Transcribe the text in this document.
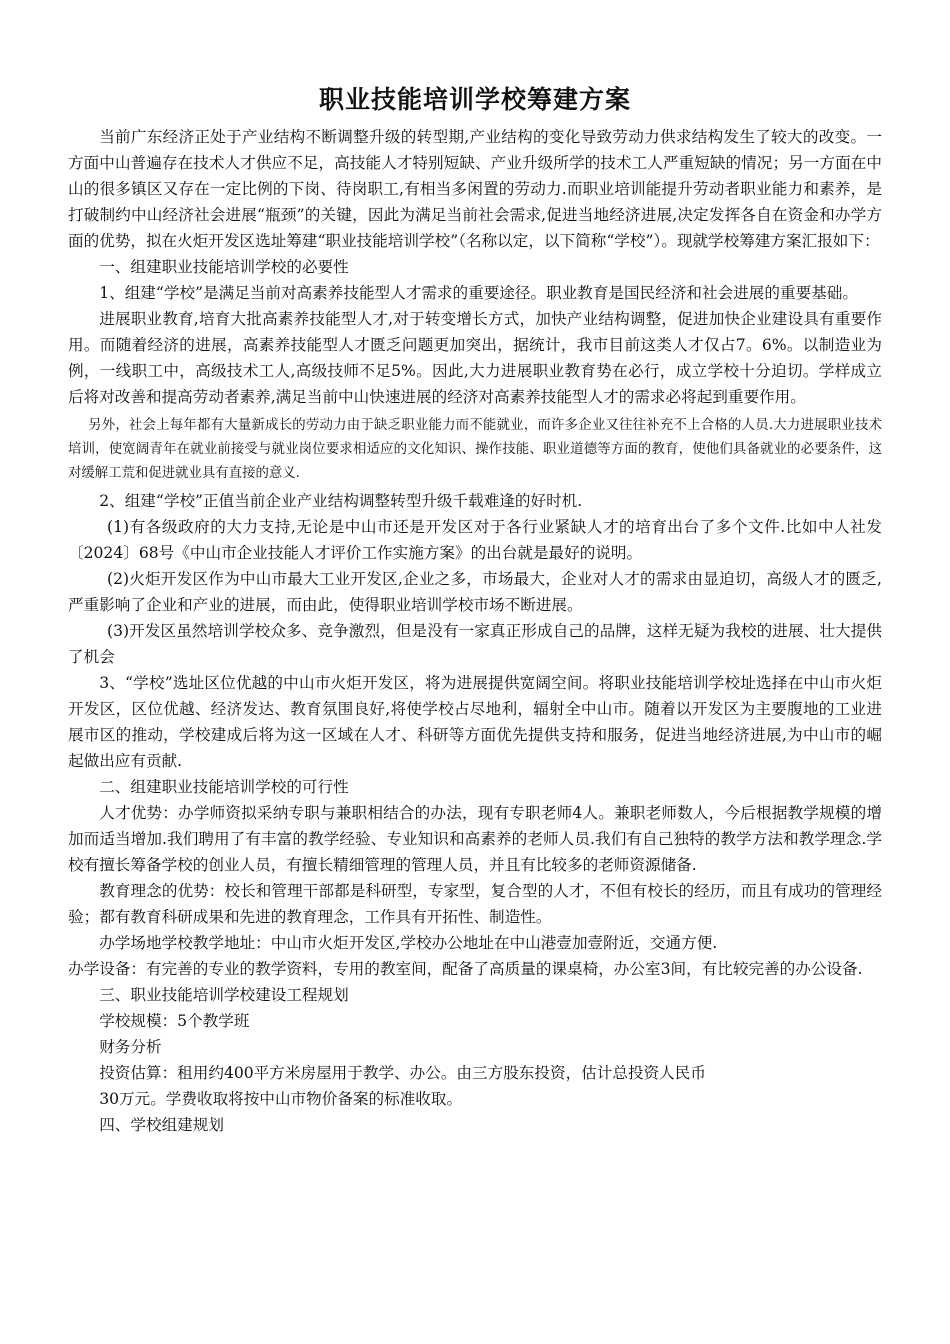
职业技能培训学校筹建方案

当前广东经济正处于产业结构不断调整升级的转型期,产业结构的变化导致劳动力供求结构发生了较大的改变。一方面中山普遍存在技术人才供应不足，高技能人才特别短缺、产业升级所学的技术工人严重短缺的情况；另一方面在中山的很多镇区又存在一定比例的下岗、待岗职工,有相当多闲置的劳动力.而职业培训能提升劳动者职业能力和素养，是打破制约中山经济社会进展“瓶颈”的关键，因此为满足当前社会需求,促进当地经济进展,决定发挥各自在资金和办学方面的优势，拟在火炬开发区选址筹建“职业技能培训学校”（名称以定，以下简称“学校”）。现就学校筹建方案汇报如下：

一、组建职业技能培训学校的必要性

1、组建“学校”是满足当前对高素养技能型人才需求的重要途径。职业教育是国民经济和社会进展的重要基础。

进展职业教育,培育大批高素养技能型人才,对于转变增长方式，加快产业结构调整，促进加快企业建设具有重要作用。而随着经济的进展，高素养技能型人才匮乏问题更加突出，据统计，我市目前这类人才仅占7。6%。以制造业为例，一线职工中，高级技术工人,高级技师不足5%。因此,大力进展职业教育势在必行，成立学校十分迫切。学样成立后将对改善和提高劳动者素养,满足当前中山快速进展的经济对高素养技能型人才的需求必将起到重要作用。

另外，社会上每年都有大量新成长的劳动力由于缺乏职业能力而不能就业，而许多企业又往往补充不上合格的人员.大力进展职业技术培训，使宽阔青年在就业前接受与就业岗位要求相适应的文化知识、操作技能、职业道德等方面的教育，使他们具备就业的必要条件，这对缓解工荒和促进就业具有直接的意义.

2、组建“学校”正值当前企业产业结构调整转型升级千载难逢的好时机.

(1)有各级政府的大力支持,无论是中山市还是开发区对于各行业紧缺人才的培育出台了多个文件.比如中人社发〔2024〕68号《中山市企业技能人才评价工作实施方案》的出台就是最好的说明。

(2)火炬开发区作为中山市最大工业开发区,企业之多，市场最大，企业对人才的需求由显迫切，高级人才的匮乏,严重影响了企业和产业的进展，而由此，使得职业培训学校市场不断进展。

(3)开发区虽然培训学校众多、竞争激烈，但是没有一家真正形成自己的品牌，这样无疑为我校的进展、壮大提供了机会

3、“学校”选址区位优越的中山市火炬开发区，将为进展提供宽阔空间。将职业技能培训学校址选择在中山市火炬开发区，区位优越、经济发达、教育氛围良好,将使学校占尽地利，辐射全中山市。随着以开发区为主要腹地的工业进展市区的推动，学校建成后将为这一区域在人才、科研等方面优先提供支持和服务，促进当地经济进展,为中山市的崛起做出应有贡献.

二、组建职业技能培训学校的可行性

人才优势：办学师资拟采纳专职与兼职相结合的办法，现有专职老师4人。兼职老师数人，今后根据教学规模的增加而适当增加.我们聘用了有丰富的教学经验、专业知识和高素养的老师人员.我们有自己独特的教学方法和教学理念.学校有擅长筹备学校的创业人员，有擅长精细管理的管理人员，并且有比较多的老师资源储备.

教育理念的优势：校长和管理干部都是科研型，专家型，复合型的人才，不但有校长的经历，而且有成功的管理经验；都有教育科研成果和先进的教育理念，工作具有开拓性、制造性。

办学场地学校教学地址：中山市火炬开发区,学校办公地址在中山港壹加壹附近，交通方便.

办学设备：有完善的专业的教学资料，专用的教室间，配备了高质量的课桌椅，办公室3间，有比较完善的办公设备.

三、职业技能培训学校建设工程规划

学校规模：5个教学班

财务分析

投资估算：租用约400平方米房屋用于教学、办公。由三方股东投资，估计总投资人民币

30万元。学费收取将按中山市物价备案的标准收取。

四、学校组建规划
